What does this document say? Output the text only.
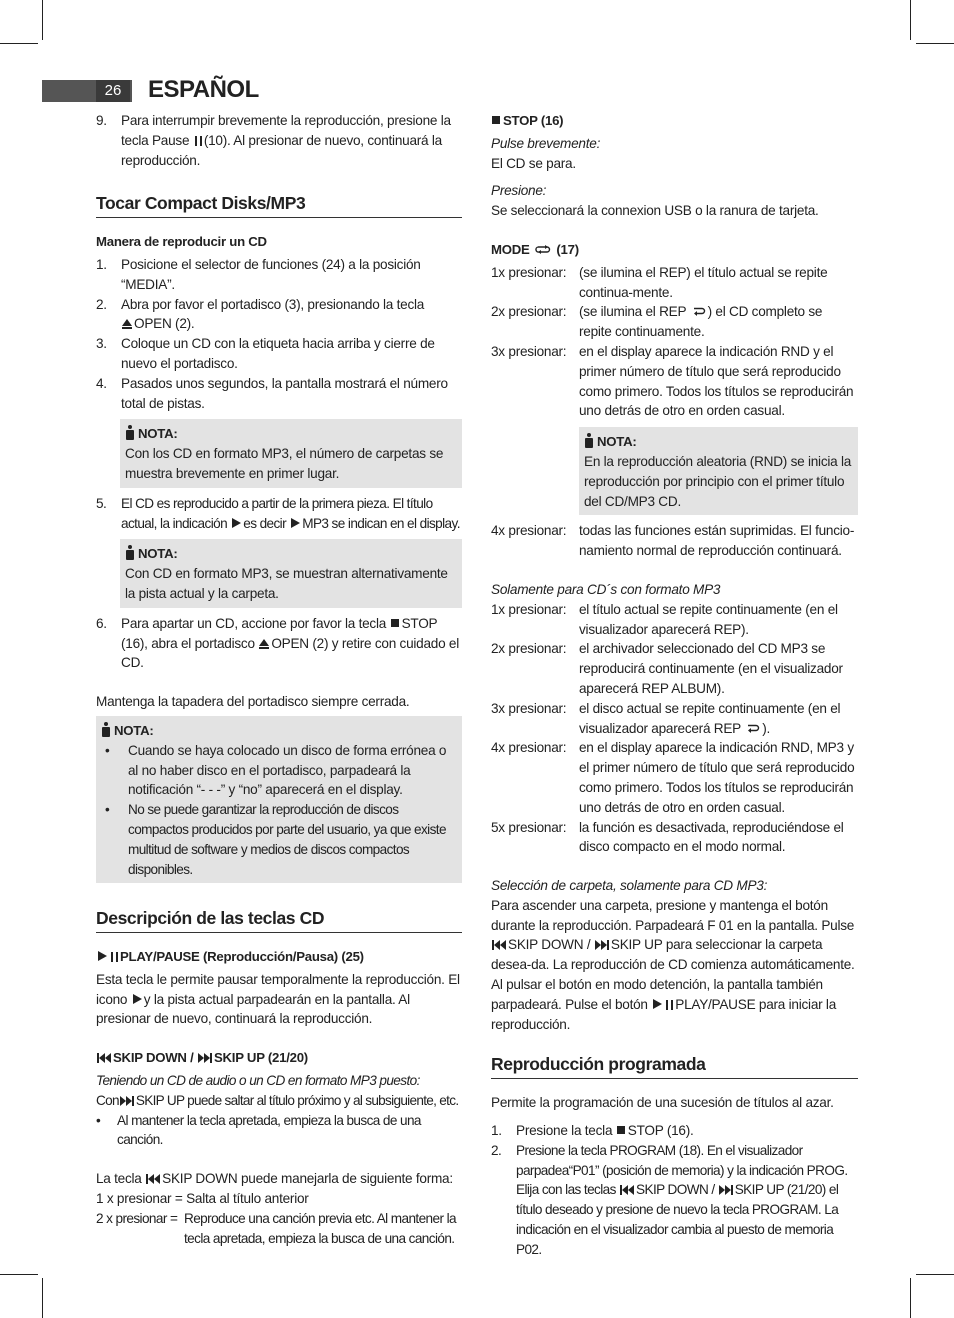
26	ESPAÑOL
9.	Para interrumpir brevemente la reproducción, presione la tecla Pause (10). Al presionar de nuevo, continuará la reproducción.
Tocar Compact Disks/MP3
Manera de reproducir un CD
1.	Posicione el selector de funciones (24) a la posición “MEDIA”.
2.	Abra por favor el portadisco (3), presionando la tecla
OPEN (2).
3.	Coloque un CD con la etiqueta hacia arriba y cierre de nuevo el portadisco.
4.	Pasados unos segundos, la pantalla mostrará el número total de pistas.
NOTA:
Con los CD en formato MP3, el número de carpetas se muestra brevemente en primer lugar.
5.	El CD es reproducido a partir de la primera pieza. El título actual, la indicación es decir MP3 se indican en el display.
NOTA:
Con CD en formato MP3, se muestran alternativamente la pista actual y la carpeta.
6.	Para apartar un CD, accione por favor la tecla STOP (16), abra el portadisco OPEN (2) y retire con cuidado el CD.
Mantenga la tapadera del portadisco siempre cerrada.
NOTA:
•	Cuando se haya colocado un disco de forma errónea o al no haber disco en el portadisco, parpadeará la notificación “- - -” y “no” aparecerá en el display.
•	No se puede garantizar la reproducción de discos compactos producidos por parte del usuario, ya que existe multitud de software y medios de discos compactos disponibles.
Descripción de las teclas CD
PLAY/PAUSE (Reproducción/Pausa) (25)
Esta tecla le permite pausar temporalmente la reproducción. El icono y la pista actual parpadearán en la pantalla. Al presionar de nuevo, continuará la reproducción.
SKIP DOWN / SKIP UP (21/20)
Teniendo un CD de audio o un CD en formato MP3 puesto:
Con SKIP UP puede saltar al título próximo y al subsiguiente, etc.
•	Al mantener la tecla apretada, empieza la busca de una canción.
La tecla SKIP DOWN puede manejarla de siguiente forma:
1 x presionar = Salta al título anterior
2 x presionar = Reproduce una canción previa etc. Al mantener la tecla apretada, empieza la busca de una canción.
STOP (16)
Pulse brevemente:
El CD se para.
Presione:
Se seleccionará la connexion USB o la ranura de tarjeta.
MODE (17)
1x presionar: (se ilumina el REP) el título actual se repite continua-mente.
2x presionar: (se ilumina el REP ) el CD completo se repite continuamente.
3x presionar: en el display aparece la indicación RND y el primer número de título que será reproducido como primero. Todos los títulos se reproducirán uno detrás de otro en orden casual.
NOTA:
En la reproducción aleatoria (RND) se inicia la reproducción por principio con el primer título del CD/MP3 CD.
4x presionar: todas las funciones están suprimidas. El funcio-namiento normal de reproducción continuará.
Solamente para CD´s con formato MP3
1x presionar: el título actual se repite continuamente (en el visualizador aparecerá REP).
2x presionar: el archivador seleccionado del CD MP3 se reproducirá continuamente (en el visualizador aparecerá REP ALBUM).
3x presionar: el disco actual se repite continuamente (en el visualizador aparecerá REP ).
4x presionar: en el display aparece la indicación RND, MP3 y el primer número de título que será reproducido como primero. Todos los títulos se reproducirán uno detrás de otro en orden casual.
5x presionar: la función es desactivada, reproduciéndose el disco compacto en el modo normal.
Selección de carpeta, solamente para CD MP3:
Para ascender una carpeta, presione y mantenga el botón durante la reproducción. Parpadeará F 01 en la pantalla. Pulse

SKIP DOWN / SKIP UP para seleccionar la carpeta desea-da. La reproducción de CD comienza automáticamente. Al pulsar el botón en modo detención, la pantalla también parpadeará. Pulse el botón PLAY/PAUSE para iniciar la reproducción.
Reproducción programada
Permite la programación de una sucesión de títulos al azar.
1.	Presione la tecla STOP (16).
2.	Presione la tecla PROGRAM (18). En el visualizador parpadea“P01” (posición de memoria) y la indicación PROG. Elija con las teclas SKIP DOWN / SKIP UP (21/20) el título deseado y presione de nuevo la tecla PROGRAM. La indicación en el visualizador cambia al puesto de memoria P02.
